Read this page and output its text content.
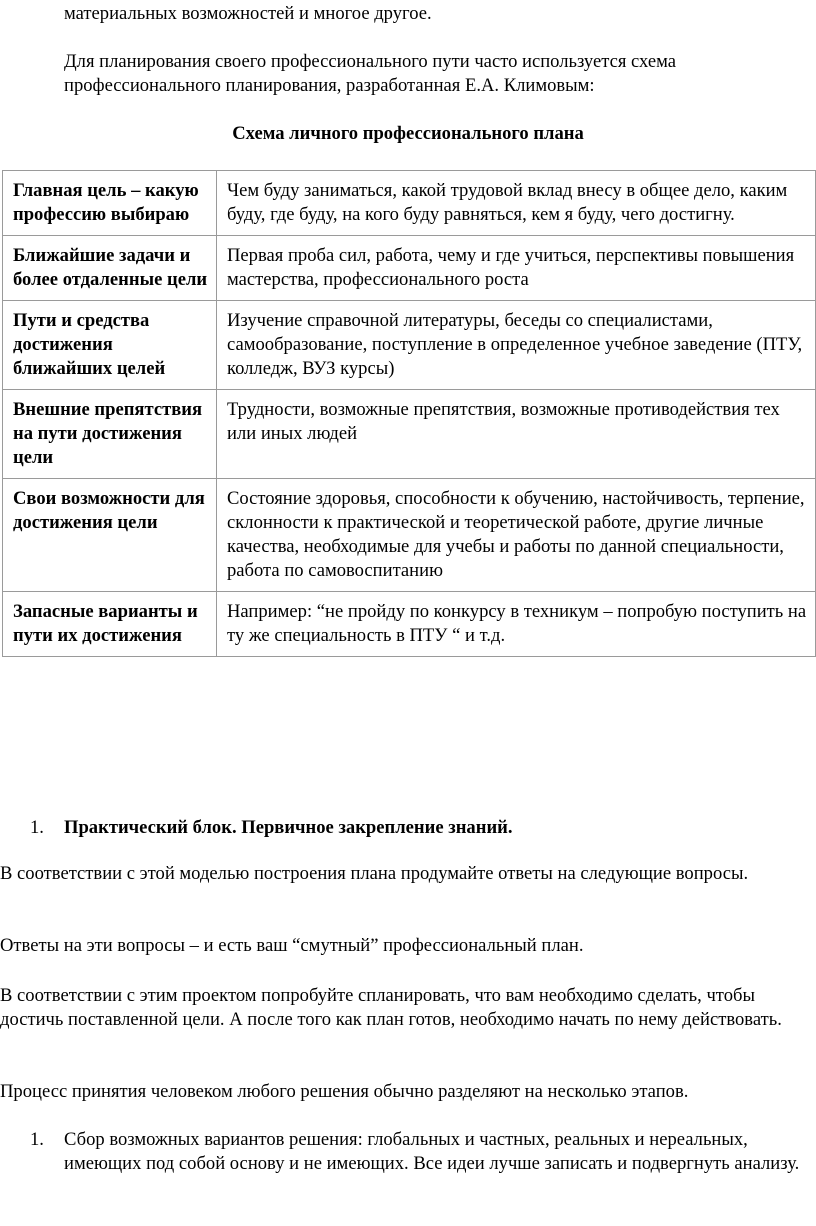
материальных возможностей и многое другое.

Для планирования своего профессионального пути часто используется схема профессионального планирования, разработанная Е.А. Климовым:

Схема личного профессионального плана

Главная цель – какую профессию выбираю	Чем буду заниматься, какой трудовой вклад внесу в общее дело, каким буду, где буду, на кого буду равняться, кем я буду, чего достигну.
Ближайшие задачи и более отдаленные цели	Первая проба сил, работа, чему и где учиться, перспективы повышения мастерства, профессионального роста
Пути и средства достижения ближайших целей	Изучение справочной литературы, беседы со специалистами, самообразование, поступление в определенное учебное заведение (ПТУ, колледж, ВУЗ курсы)
Внешние препятствия на пути достижения цели	Трудности, возможные препятствия, возможные противодействия тех или иных людей
Свои возможности для достижения цели	Состояние здоровья, способности к обучению, настойчивость, терпение, склонности к практической и теоретической работе, другие личные качества, необходимые для учебы и работы по данной специальности, работа по самовоспитанию
Запасные варианты и пути их достижения	Например: “не пройду по конкурсу в техникум – попробую поступить на ту же специальность в ПТУ “ и т.д.
1. Практический блок. Первичное закрепление знаний.

В соответствии с этой моделью построения плана продумайте ответы на следующие вопросы.

Ответы на эти вопросы – и есть ваш “смутный” профессиональный план.

В соответствии с этим проектом попробуйте спланировать, что вам необходимо сделать, чтобы достичь поставленной цели. А после того как план готов, необходимо начать по нему действовать.

Процесс принятия человеком любого решения обычно разделяют на несколько этапов.

1. Сбор возможных вариантов решения: глобальных и частных, реальных и нереальных, имеющих под собой основу и не имеющих. Все идеи лучше записать и подвергнуть анализу.
